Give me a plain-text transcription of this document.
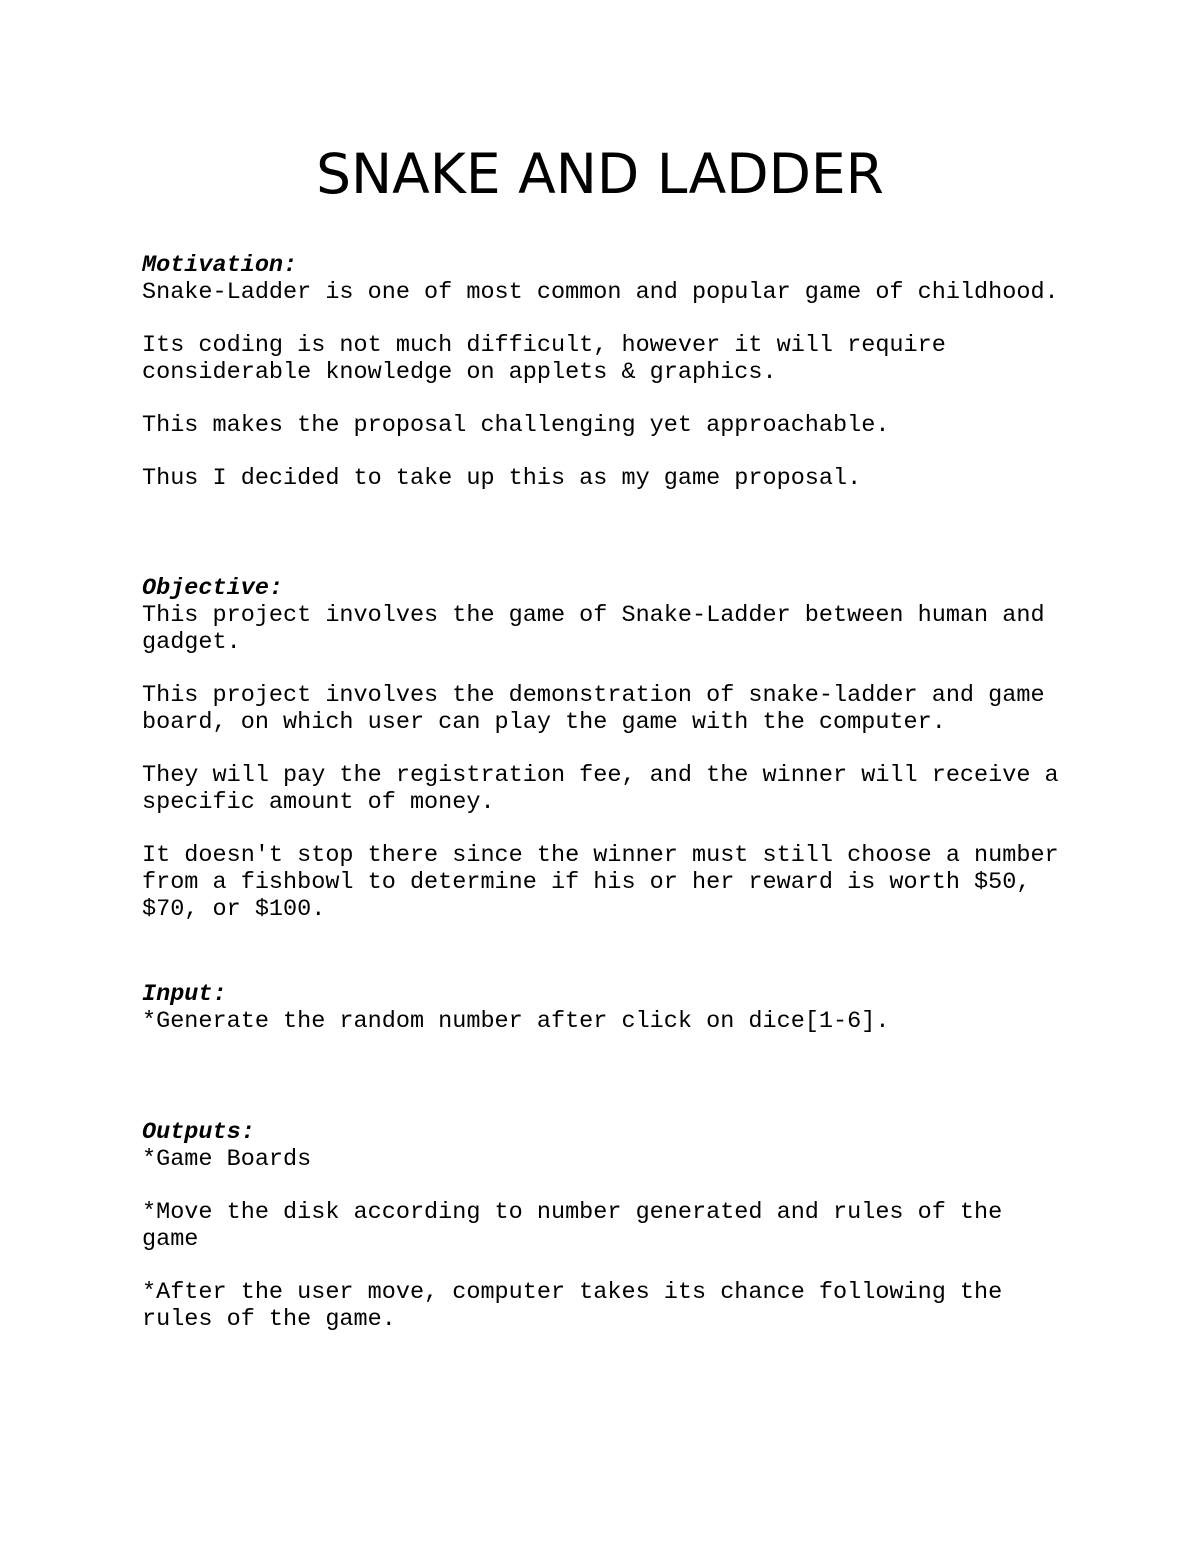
SNAKE AND LADDER
Motivation:
Snake-Ladder is one of most common and popular game of childhood.
Its coding is not much difficult, however it will require
considerable knowledge on applets & graphics.
This makes the proposal challenging yet approachable.
Thus I decided to take up this as my game proposal.
Objective:
This project involves the game of Snake-Ladder between human and
gadget.
This project involves the demonstration of snake-ladder and game
board, on which user can play the game with the computer.
They will pay the registration fee, and the winner will receive a
specific amount of money.
It doesn't stop there since the winner must still choose a number
from a fishbowl to determine if his or her reward is worth $50,
$70, or $100.
Input:
*Generate the random number after click on dice[1-6].
Outputs:
*Game Boards
*Move the disk according to number generated and rules of the
game
*After the user move, computer takes its chance following the
rules of the game.
